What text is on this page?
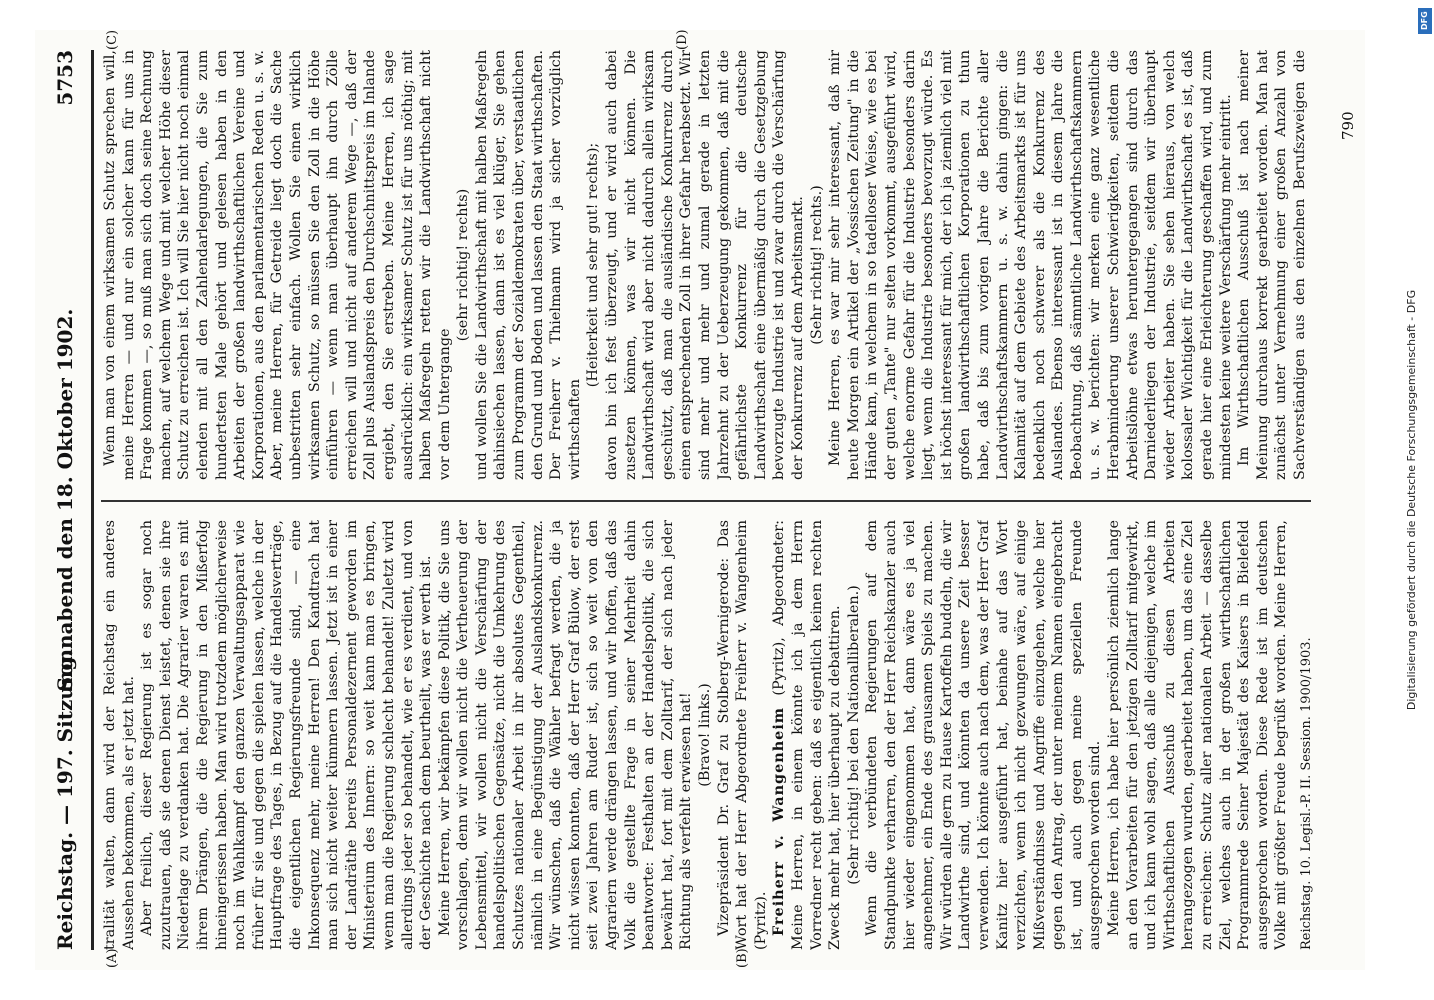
Reichstag. — 197. Sitzung.
Sonnabend den 18. Oktober 1902.
5753
(A)	(B)
(C)	(D)

tralität walten, dann wird der Reichstag ein anderes Aussehen bekommen, als er jetzt hat. Aber freilich, dieser Regierung ist es sogar noch zuzutrauen, daß sie denen Dienst leistet, denen sie ihre Niederlage zu verdanken hat. Die Agrarier waren es mit ihrem Drängen, die die Regierung in den Mißerfolg hineingerissen haben. Man wird trotzdem möglicherweise noch im Wahlkampf den ganzen Verwaltungsapparat wie früher für sie und gegen die spielen lassen, welche in der Hauptfrage des Tages, in Bezug auf die Handelsverträge, die eigentlichen Regierungsfreunde sind, — eine Inkonsequenz mehr, meine Herren! Den Kandtrach hat man sich nicht weiter kümmern lassen. Jetzt ist in einer der Landräthe bereits Personaldezernent geworden im Ministerium des Innern: so weit kann man es bringen, wenn man die Regierung schlecht behandelt! Zuletzt wird allerdings jeder so behandelt, wie er es verdient, und von der Geschichte nach dem beurtheilt, was er werth ist. Meine Herren, wir bekämpfen diese Politik, die Sie uns vorschlagen, denn wir wollen nicht die Vertheuerung der Lebensmittel, wir wollen nicht die Verschärfung der handelspolitischen Gegensätze, nicht die Umkehrung des Schutzes nationaler Arbeit in ihr absolutes Gegentheil, nämlich in eine Begünstigung der Auslandskonkurrenz. Wir wünschen, daß die Wähler befragt werden, die ja nicht wissen konnten, daß der Herr Graf Bülow, der erst seit zwei Jahren am Ruder ist, sich so weit von den Agrariern werde drängen lassen, und wir hoffen, daß das Volk die gestellte Frage in seiner Mehrheit dahin beantworte: Festhalten an der Handelspolitik, die sich bewährt hat, fort mit dem Zolltarif, der sich nach jeder Richtung als verfehlt erwiesen hat! (Bravo! links.) Vizepräsident Dr. Graf zu Stolberg-Wernigerode: Das Wort hat der Herr Abgeordnete Freiherr v. Wangenheim (Pyritz). Freiherr v. Wangenheim (Pyritz), Abgeordneter: Meine Herren, in einem könnte ich ja dem Herrn Vorredner recht geben: daß es eigentlich keinen rechten Zweck mehr hat, hier überhaupt zu debattiren. (Sehr richtig! bei den Nationalliberalen.) Wenn die verbündeten Regierungen auf dem Standpunkte verharren, den der Herr Reichskanzler auch hier wieder eingenommen hat, dann wäre es ja viel angenehmer, ein Ende des grausamen Spiels zu machen. Wir würden alle gern zu Hause Kartoffeln buddeln, die wir Landwirthe sind, und könnten da unsere Zeit besser verwenden. Ich könnte auch nach dem, was der Herr Graf Kanitz hier ausgeführt hat, beinahe auf das Wort verzichten, wenn ich nicht gezwungen wäre, auf einige Mißverständnisse und Angriffe einzugehen, welche hier gegen den Antrag, der unter meinem Namen eingebracht ist, und auch gegen meine speziellen Freunde ausgesprochen worden sind. Meine Herren, ich habe hier persönlich ziemlich lange an den Vorarbeiten für den jetzigen Zolltarif mitgewirkt, und ich kann wohl sagen, daß alle diejenigen, welche im Wirthschaftlichen Ausschuß zu diesen Arbeiten herangezogen wurden, gearbeitet haben, um das eine Ziel zu erreichen: Schutz aller nationalen Arbeit — dasselbe Ziel, welches auch in der großen wirthschaftlichen Programmrede Seiner Majestät des Kaisers in Bielefeld ausgesprochen worden. Diese Rede ist im deutschen Volke mit größter Freude begrüßt worden. Meine Herren,

Wenn man von einem wirksamen Schutz sprechen will, meine Herren — und nur ein solcher kann für uns in Frage kommen —, so muß man sich doch seine Rechnung machen, auf welchem Wege und mit welcher Höhe dieser Schutz zu erreichen ist. Ich will Sie hier nicht noch einmal elenden mit all den Zahlendarlegungen, die Sie zum hundertsten Male gehört und gelesen haben in den Arbeiten der großen landwirthschaftlichen Vereine und Korporationen, aus den parlamentarischen Reden u. s. w. Aber, meine Herren, für Getreide liegt doch die Sache unbestritten sehr einfach. Wollen Sie einen wirklich wirksamen Schutz, so müssen Sie den Zoll in die Höhe einführen — wenn man überhaupt ihn durch Zölle erreichen will und nicht auf anderem Wege —, daß der Zoll plus Auslandspreis den Durchschnittspreis im Inlande ergiebt, den Sie erstreben. Meine Herren, ich sage ausdrücklich: ein wirksamer Schutz ist für uns nöthig; mit halben Maßregeln retten wir die Landwirthschaft nicht vor dem Untergange

(sehr richtig! rechts) und wollen Sie die Landwirthschaft mit halben Maßregeln dahinsiechen lassen, dann ist es viel klüger, Sie gehen zum Programm der Sozialdemokraten über, verstaatlichen den Grund und Boden und lassen den Staat wirthschaften. Der Freiherr v. Thielmann wird ja sicher vorzüglich wirthschaften

(Heiterkeit und sehr gut! rechts); davon bin ich fest überzeugt, und er wird auch dabei zusetzen können, was wir nicht können. Die Landwirthschaft wird aber nicht dadurch allein wirksam geschützt, daß man die ausländische Konkurrenz durch einen entsprechenden Zoll in ihrer Gefahr herabsetzt. Wir sind mehr und mehr und zumal gerade in letzten Jahrzehnt zu der Ueberzeugung gekommen, daß mit die gefährlichste Konkurrenz für die deutsche Landwirthschaft eine übermäßig durch die Gesetzgebung bevorzugte Industrie ist und zwar durch die Verschärfung der Konkurrenz auf dem Arbeitsmarkt. (Sehr richtig! rechts.) Meine Herren, es war mir sehr interessant, daß mir heute Morgen ein Artikel der „Vossischen Zeitung" in die Hände kam, in welchem in so tadelloser Weise, wie es bei der guten „Tante" nur selten vorkommt, ausgeführt wird, welche enorme Gefahr für die Industrie besonders darin liegt, wenn die Industrie besonders bevorzugt würde. Es ist höchst interessant für mich, der ich ja ziemlich viel mit großen landwirthschaftlichen Korporationen zu thun habe, daß bis zum vorigen Jahre die Berichte aller Landwirthschaftskammern u. s. w. dahin gingen: die Kalamität auf dem Gebiete des Arbeitsmarkts ist für uns bedenklich noch schwerer als die Konkurrenz des Auslandes. Ebenso interessant ist in diesem Jahre die Beobachtung, daß sämmtliche Landwirthschaftskammern u. s. w. berichten: wir merken eine ganz wesentliche Herabminderung unserer Schwierigkeiten, seitdem die Arbeitslöhne etwas heruntergegangen sind durch das Darniederliegen der Industrie, seitdem wir überhaupt wieder Arbeiter haben. Sie sehen hieraus, von welch kolossaler Wichtigkeit für die Landwirthschaft es ist, daß gerade hier eine Erleichterung geschaffen wird, und zum mindesten keine weitere Verschärfung mehr eintritt. Im Wirthschaftlichen Ausschuß ist nach meiner Meinung durchaus korrekt gearbeitet worden. Man hat zunächst unter Vernehmung einer großen Anzahl von Sachverständigen aus den einzelnen Berufszweigen die

Reichstag. 10. Legisl.-P. II. Session. 1900/1903.
790
Digitalisierung gefördert durch die Deutsche Forschungsgemeinschaft - DFG
DFG
